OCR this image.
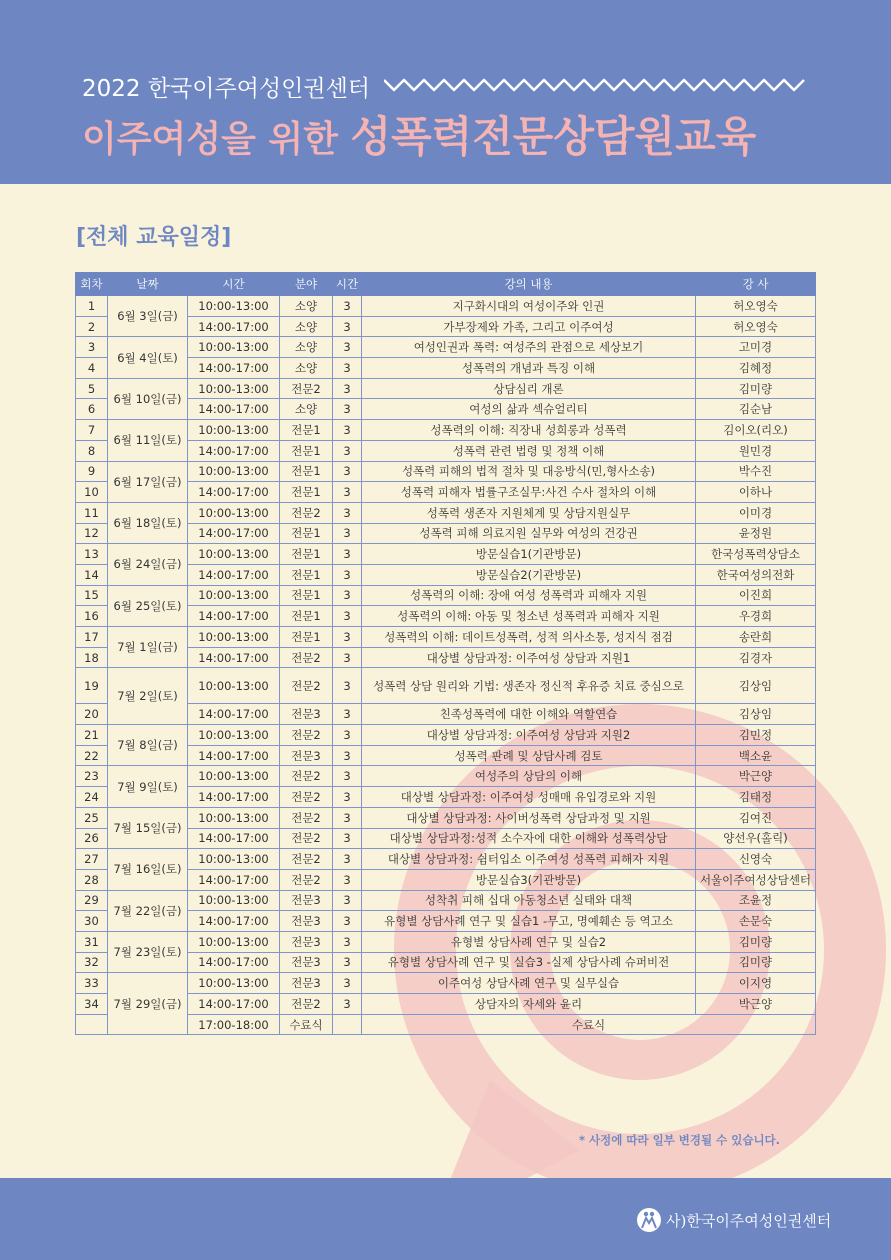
2022 한국이주여성인권센터
이주여성을 위한 성폭력전문상담원교육
[전체 교육일정]
회차	날짜	시간	분야	시간	강의 내용	강 사
1	6월 3일(금)	10:00-13:00	소양	3	지구화시대의 여성이주와 인권	허오영숙
2		14:00-17:00	소양	3	가부장제와 가족, 그리고 이주여성	허오영숙
3	6월 4일(토)	10:00-13:00	소양	3	여성인권과 폭력: 여성주의 관점으로 세상보기	고미경
4		14:00-17:00	소양	3	성폭력의 개념과 특징 이해	김혜정
5	6월 10일(금)	10:00-13:00	전문2	3	상담심리 개론	김미량
6		14:00-17:00	소양	3	여성의 삶과 섹슈얼리티	김순남
7	6월 11일(토)	10:00-13:00	전문1	3	성폭력의 이해: 직장내 성희롱과 성폭력	김이오(리오)
8		14:00-17:00	전문1	3	성폭력 관련 법령 및 정책 이해	원민경
9	6월 17일(금)	10:00-13:00	전문1	3	성폭력 피해의 법적 절차 및 대응방식(민,형사소송)	박수진
10		14:00-17:00	전문1	3	성폭력 피해자 법률구조실무:사건 수사 절차의 이해	이하나
11	6월 18일(토)	10:00-13:00	전문2	3	성폭력 생존자 지원체계 및 상담지원실무	이미경
12		14:00-17:00	전문1	3	성폭력 피해 의료지원 실무와 여성의 건강권	윤정원
13	6월 24일(금)	10:00-13:00	전문1	3	방문실습1(기관방문)	한국성폭력상담소
14		14:00-17:00	전문1	3	방문실습2(기관방문)	한국여성의전화
15	6월 25일(토)	10:00-13:00	전문1	3	성폭력의 이해: 장애 여성 성폭력과 피해자 지원	이진희
16		14:00-17:00	전문1	3	성폭력의 이해: 아동 및 청소년 성폭력과 피해자 지원	우경희
17	7월 1일(금)	10:00-13:00	전문1	3	성폭력의 이해: 데이트성폭력, 성적 의사소통, 성지식 점검	송란희
18		14:00-17:00	전문2	3	대상별 상담과정: 이주여성 상담과 지원1	김경자
19	7월 2일(토)	10:00-13:00	전문2	3	성폭력 상담 원리와 기법: 생존자 정신적 후유증 치료 중심으로	김상임
20		14:00-17:00	전문3	3	친족성폭력에 대한 이해와 역할연습	김상임
21	7월 8일(금)	10:00-13:00	전문2	3	대상별 상담과정: 이주여성 상담과 지원2	김민정
22		14:00-17:00	전문3	3	성폭력 판례 및 상담사례 검토	백소윤
23	7월 9일(토)	10:00-13:00	전문2	3	여성주의 상담의 이해	박근양
24		14:00-17:00	전문2	3	대상별 상담과정: 이주여성 성매매 유입경로와 지원	김태정
25	7월 15일(금)	10:00-13:00	전문2	3	대상별 상담과정: 사이버성폭력 상담과정 및 지원	김여진
26		14:00-17:00	전문2	3	대상별 상담과정:성적 소수자에 대한 이해와 성폭력상담	양선우(홀릭)
27	7월 16일(토)	10:00-13:00	전문2	3	대상별 상담과정: 쉼터입소 이주여성 성폭력 피해자 지원	신영숙
28		14:00-17:00	전문2	3	방문실습3(기관방문)	서울이주여성상담센터
29	7월 22일(금)	10:00-13:00	전문3	3	성착취 피해 십대 아동청소년 실태와 대책	조윤정
30		14:00-17:00	전문3	3	유형별 상담사례 연구 및 실습1 -무고, 명예훼손 등 역고소	손문숙
31	7월 23일(토)	10:00-13:00	전문3	3	유형별 상담사례 연구 및 실습2	김미량
32		14:00-17:00	전문3	3	유형별 상담사례 연구 및 실습3 -실제 상담사례 슈퍼비전	김미량
33	7월 29일(금)	10:00-13:00	전문3	3	이주여성 상담사례 연구 및 실무실습	이지영
34		14:00-17:00	전문2	3	상담자의 자세와 윤리	박근양
		17:00-18:00	수료식		수료식	
* 사정에 따라 일부 변경될 수 있습니다.
사)한국이주여성인권센터
